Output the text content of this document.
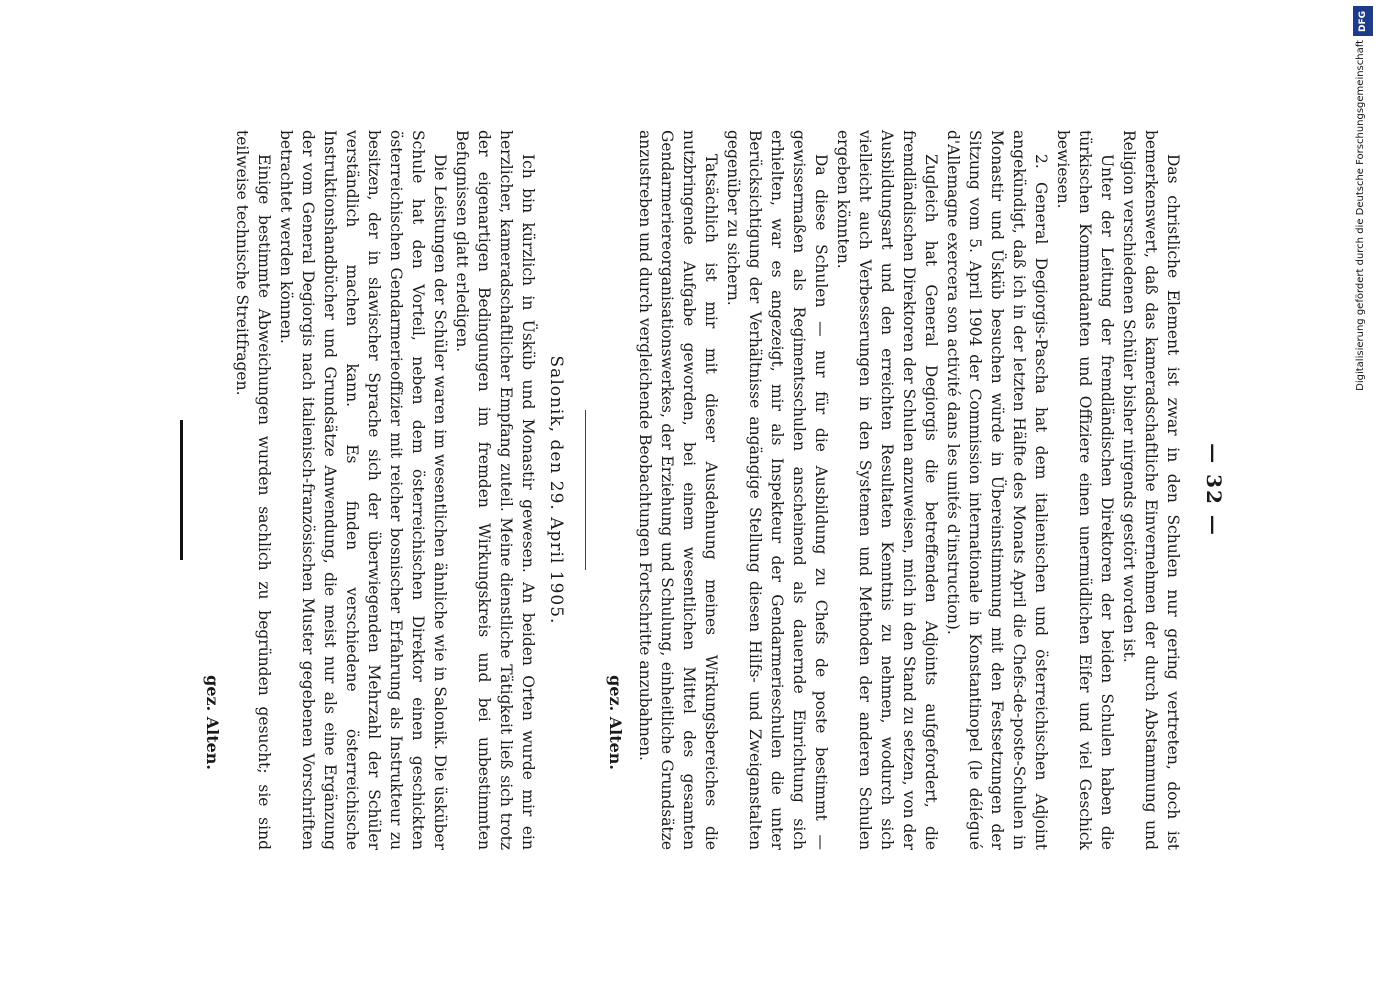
— 32 —

Das christliche Element ist zwar in den Schulen nur gering vertreten, doch ist bemerkenswert, daß das kameradschaftliche Einvernehmen der durch Abstammung und Religion verschiedenen Schüler bisher nirgends gestört worden ist.

Unter der Leitung der fremdländischen Direktoren der beiden Schulen haben die türkischen Kommandanten und Offiziere einen unermüdlichen Eifer und viel Geschick bewiesen.

2. General Degiorgis-Pascha hat dem italienischen und österreichischen Adjoint angekündigt, daß ich in der letzten Hälfte des Monats April die Chefs-de-poste-Schulen in Monastir und Üsküb besuchen würde in Übereinstimmung mit den Festsetzungen der Sitzung vom 5. April 1904 der Commission internationale in Konstantinopel (le délégué d'Allemagne exercera son activité dans les unités d'instruction).

Zugleich hat General Degiorgis die betreffenden Adjoints aufgefordert, die fremdländischen Direktoren der Schulen anzuweisen, mich in den Stand zu setzen, von der Ausbildungsart und den erreichten Resultaten Kenntnis zu nehmen, wodurch sich vielleicht auch Verbesserungen in den Systemen und Methoden der anderen Schulen ergeben könnten.

Da diese Schulen — nur für die Ausbildung zu Chefs de poste bestimmt — gewissermaßen als Regimentsschulen anscheinend als dauernde Einrichtung sich erhielten, war es angezeigt, mir als Inspekteur der Gendarmerieschulen die unter Berücksichtigung der Verhältnisse angängige Stellung diesen Hilfs- und Zweiganstalten gegenüber zu sichern.

Tatsächlich ist mir mit dieser Ausdehnung meines Wirkungsbereiches die nutzbringende Aufgabe geworden, bei einem wesentlichen Mittel des gesamten Gendarmeriereorganisationswerkes, der Erziehung und Schulung, einheitliche Grundsätze anzustreben und durch vergleichende Beobachtungen Fortschritte anzubahnen.

gez. Alten.
Salonik, den 29. April 1905.

Ich bin kürzlich in Üsküb und Monastir gewesen. An beiden Orten wurde mir ein herzlicher, kameradschaftlicher Empfang zuteil. Meine dienstliche Tätigkeit ließ sich trotz der eigenartigen Bedingungen im fremden Wirkungskreis und bei unbestimmten Befugnissen glatt erledigen.

Die Leistungen der Schüler waren im wesentlichen ähnliche wie in Salonik. Die üsküber Schule hat den Vorteil, neben dem österreichischen Direktor einen geschickten österreichischen Gendarmerieoffizier mit reicher bosnischer Erfahrung als Instrukteur zu besitzen, der in slawischer Sprache sich der überwiegenden Mehrzahl der Schüler verständlich machen kann. Es finden verschiedene österreichische Instruktionshandbücher und Grundsätze Anwendung, die meist nur als eine Ergänzung der vom General Degiorgis nach italienisch-französischen Muster gegebenen Vorschriften betrachtet werden können.

Einige bestimmte Abweichungen wurden sachlich zu begründen gesucht; sie sind teilweise technische Streitfragen.

gez. Alten.
DFG
Digitalisierung gefördert durch die Deutsche Forschungsgemeinschaft
